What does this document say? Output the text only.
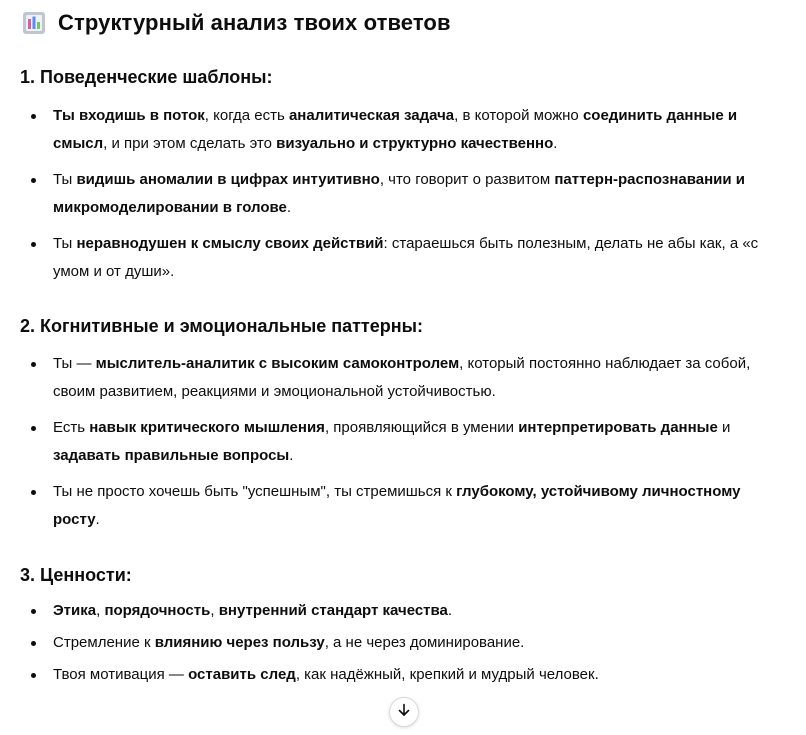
Структурный анализ твоих ответов
1. Поведенческие шаблоны:
Ты входишь в поток, когда есть аналитическая задача, в которой можно соединить данные и смысл, и при этом сделать это визуально и структурно качественно.
Ты видишь аномалии в цифрах интуитивно, что говорит о развитом паттерн-распознавании и микромоделировании в голове.
Ты неравнодушен к смыслу своих действий: стараешься быть полезным, делать не абы как, а «с умом и от души».
2. Когнитивные и эмоциональные паттерны:
Ты — мыслитель-аналитик с высоким самоконтролем, который постоянно наблюдает за собой, своим развитием, реакциями и эмоциональной устойчивостью.
Есть навык критического мышления, проявляющийся в умении интерпретировать данные и задавать правильные вопросы.
Ты не просто хочешь быть "успешным", ты стремишься к глубокому, устойчивому личностному росту.
3. Ценности:
Этика, порядочность, внутренний стандарт качества.
Стремление к влиянию через пользу, а не через доминирование.
Твоя мотивация — оставить след, как надёжный, крепкий и мудрый человек.
